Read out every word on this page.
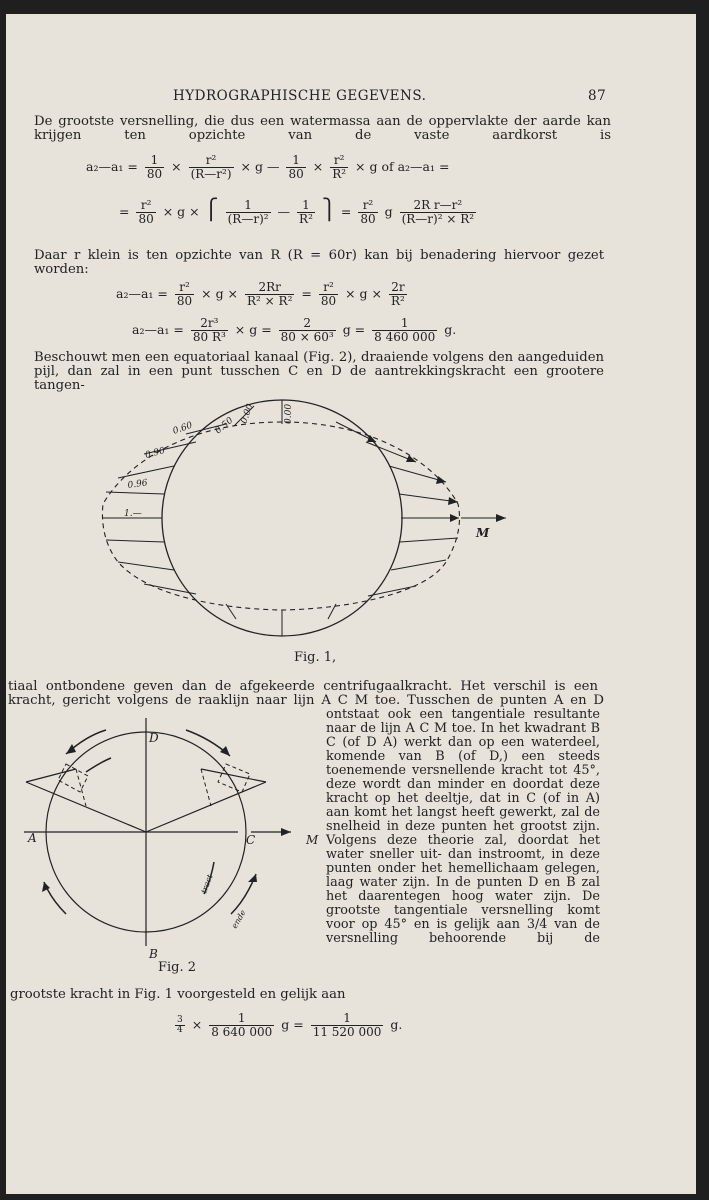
HYDROGRAPHISCHE GEGEVENS.	87
De grootste versnelling, die dus een watermassa aan de oppervlakte der aarde kan krijgen ten opzichte van de vaste aardkorst is
a₂—a₁ = $\frac{1}{80} \times \frac{\text{r²}}{\text{(R—r²)}} \times g$ — $\frac{1}{80} \times \frac{\text{r²}}{\text{R²}} \times g$ of a₂—a₁ =
= $\frac{\text{r²}}{80} \times g$ × ⎧ $\frac{1}{\text{(R—r)²}}$ — $\frac{1}{\text{R²}}$ ⎫ = $\frac{\text{r²}}{80}$ g $\frac{\text{2R r—r²}}{\text{(R—r)² × R²}}$
Daar r klein is ten opzichte van R (R = 60r) kan bij benadering hiervoor gezet worden:
a₂—a₁ = $\frac{\text{r²}}{80} \times g \times \frac{2Rr}{\text{R² × R²}} = \frac{\text{r²}}{80} \times g \times \frac{2r}{\text{R²}}$
a₂—a₁ = $\frac{\text{2r³}}{\text{80 R³}} \times g = \frac{2}{\text{80 × 60³}}$ $g = \frac{1}{8 460 000} g$.
Beschouwt men een equatoriaal kanaal (Fig. 2), draaiende volgens den aangeduiden pijl, dan zal in een punt tusschen C en D de aantrekkingskracht een grootere tangen-
0.60
0.90
0.96
1.—
0.50
0.00	0.00
M
Fig. 1,
tiaal ontbondene geven dan de afgekeerde centrifugaalkracht. Het verschil is een
kracht, gericht volgens de raaklijn naar lijn A C M toe. Tusschen de punten A en D
ontstaat ook een tangentiale resultante naar de lijn A C M toe. In het kwadrant B C (of D A) werkt dan op een waterdeel, komende van B (of D,) een steeds toenemende versnellende kracht tot 45°, deze wordt dan minder en doordat deze kracht op het deeltje, dat in C (of in A) aan komt het langst heeft gewerkt, zal de snelheid in deze punten het grootst zijn. Volgens deze theorie zal, doordat het water sneller uit- dan instroomt, in deze punten onder het hemellichaam gelegen, laag water zijn. In de punten D en B zal het daarentegen hoog water zijn. De grootste tangentiale versnelling komt voor op 45° en is gelijk aan 3/4 van de versnelling behoorende bij de
D
A	C	M
B
tract
ende
Fig. 2
grootste kracht in Fig. 1 voorgesteld en gelijk aan
$\frac{3}{4} \times \frac{1}{8 640 000}$ $g = \frac{1}{11 520 000} g$.
